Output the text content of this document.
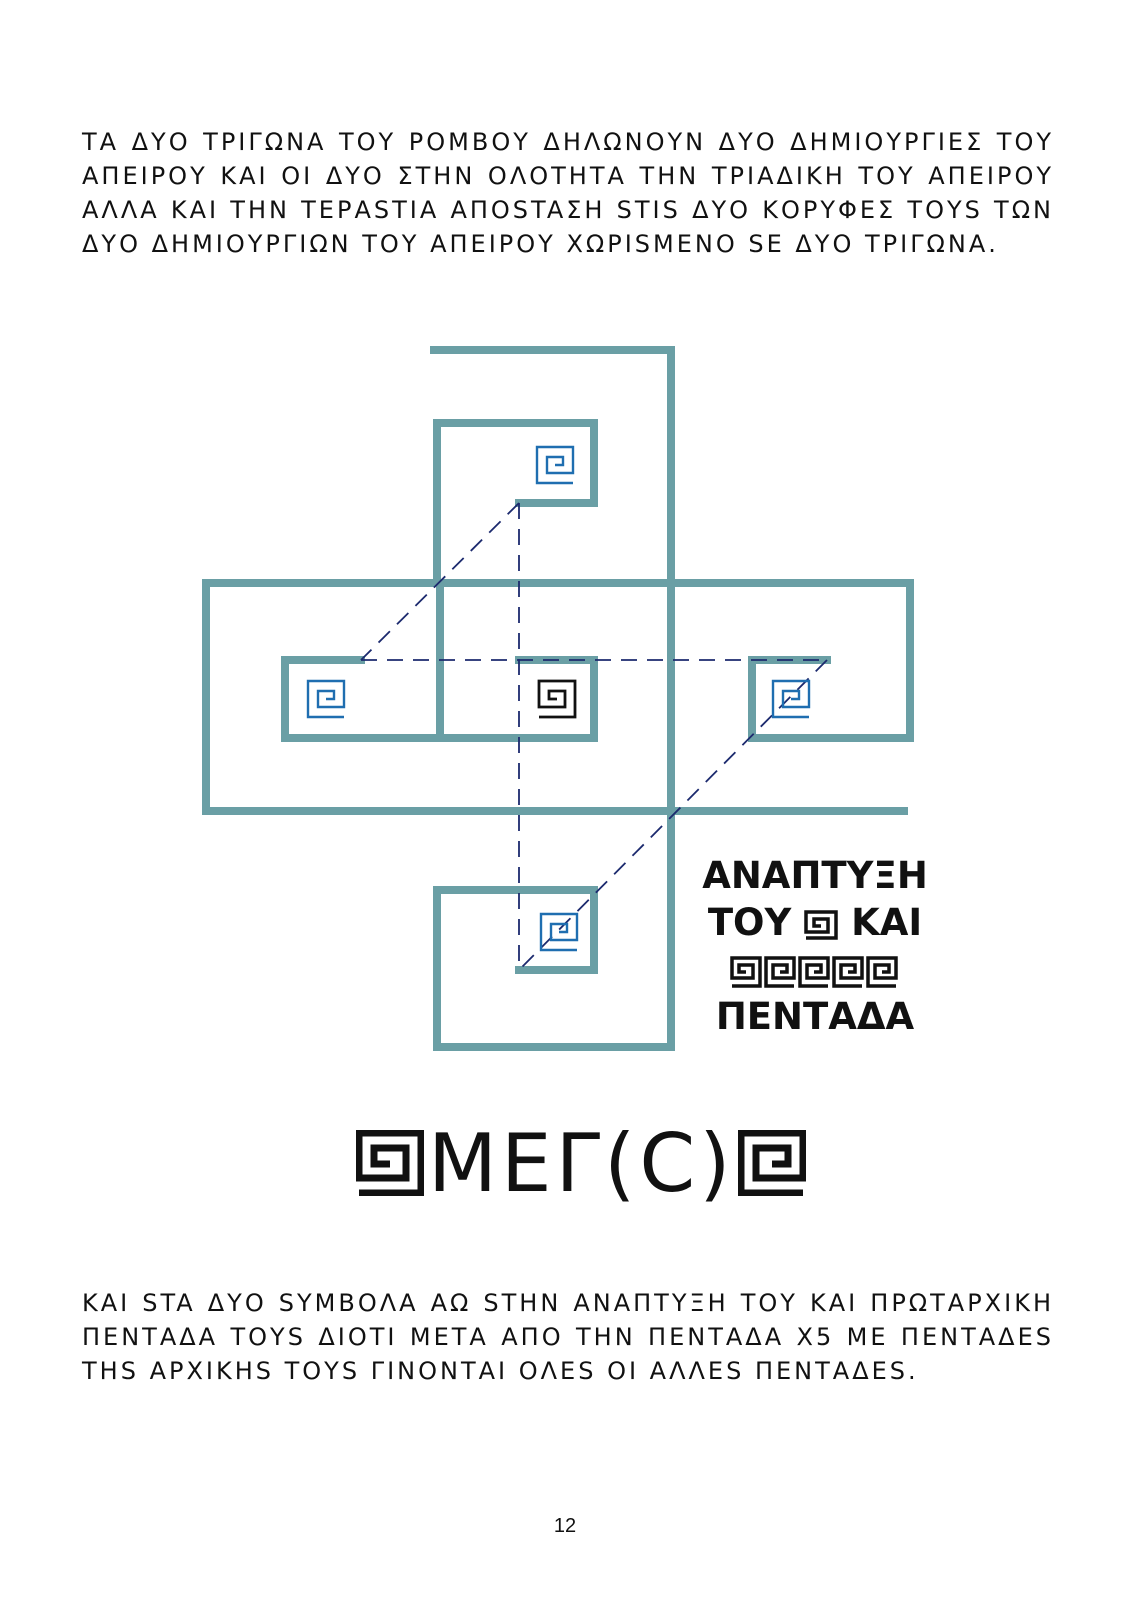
ΤΑ ΔΥΟ ΤΡΙΓΩΝΑ ΤΟΥ ΡΟΜΒΟΥ ΔΗΛΩΝΟΥΝ ΔΥΟ ΔΗΜΙΟΥΡΓΙΕΣ ΤΟΥ ΑΠΕΙΡΟΥ ΚΑΙ ΟΙ ΔΥΟ ΣΤΗΝ ΟΛΟΤΗΤΑ ΤΗΝ ΤΡΙΑΔΙΚΗ ΤΟΥ ΑΠΕΙΡΟΥ ΑΛΛΑ ΚΑΙ ΤΗΝ ΤΕΡΑSTIA ΑΠΟSTAΣΗ STIS ΔΥΟ ΚΟΡΥΦΕΣ ΤΟΥS ΤΩΝ ΔΥΟ ΔΗΜΙΟΥΡΓΙΩΝ ΤΟΥ ΑΠΕΙΡΟΥ ΧΩΡΙSΜΕΝΟ SE ΔΥΟ ΤΡΙΓΩΝΑ.

ΑΝΑΠΤΥΞΗ
ΤΟΥ ΚΑΙ
ΠΕΝΤΑΔΑ
ΜΕΓ(С)

ΚΑΙ STA ΔΥΟ SΥΜΒΟΛΑ ΑΩ SΤΗΝ ΑΝΑΠΤΥΞΗ ΤΟΥ ΚΑΙ ΠΡΩΤΑΡΧΙΚΗ ΠΕΝΤΑΔΑ ΤΟΥS ΔΙΟΤΙ ΜΕΤΑ ΑΠΟ ΤΗΝ ΠΕΝΤΑΔΑ Χ5 ΜΕ ΠΕΝΤΑΔΕS ΤΗS ΑΡΧΙΚΗS ΤΟΥS ΓΙΝΟΝΤΑΙ ΟΛΕS ΟΙ ΑΛΛΕS ΠΕΝΤΑΔΕS.

12
